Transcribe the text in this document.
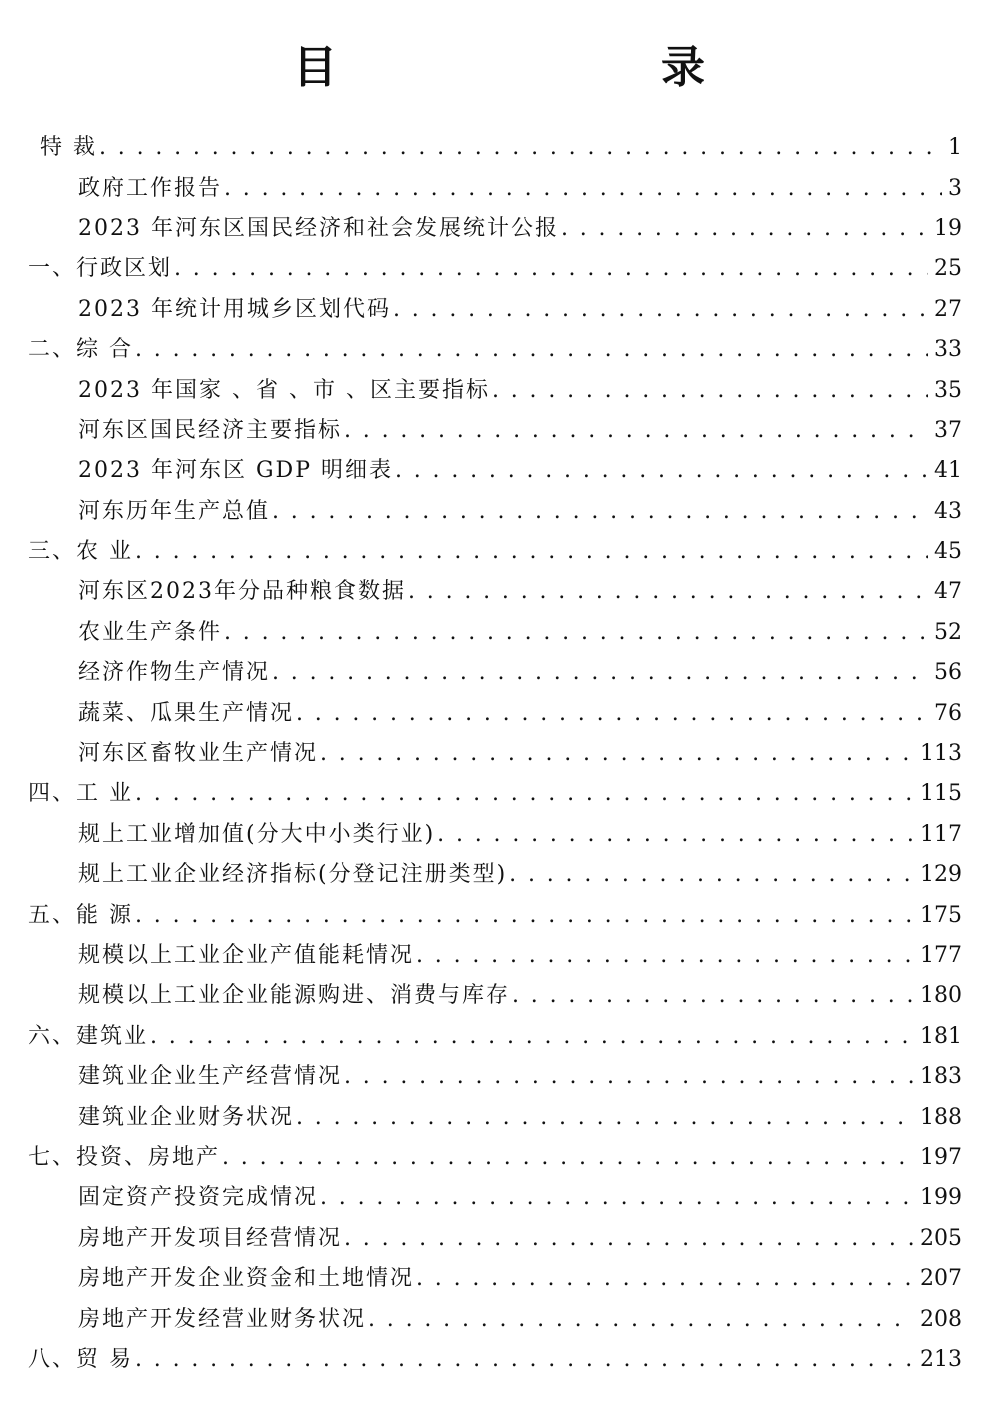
目　录
特 裁 . . .	1
政府工作报告 . . .	3
2023 年河东区国民经济和社会发展统计公报 . . .	19
一、行政区划 . . .	25
2023 年统计用城乡区划代码 . . .	27
二、综 合 . . .	33
2023 年国家 、省 、市 、区主要指标 . . .	35
河东区国民经济主要指标 . . .	37
2023 年河东区 GDP 明细表 . . .	41
河东历年生产总值 . . .	43
三、农 业 . . .	45
河东区2023年分品种粮食数据 . . .	47
农业生产条件 . . .	52
经济作物生产情况 . . .	56
蔬菜、瓜果生产情况 . . .	76
河东区畜牧业生产情况 . . .	113
四、工 业 . . .	115
规上工业增加值(分大中小类行业) . . .	117
规上工业企业经济指标(分登记注册类型) . . .	129
五、能 源 . . .	175
规模以上工业企业产值能耗情况 . . .	177
规模以上工业企业能源购进、消费与库存 . . .	180
六、建筑业 . . .	181
建筑业企业生产经营情况 . . .	183
建筑业企业财务状况 . . .	188
七、投资、房地产 . . .	197
固定资产投资完成情况 . . .	199
房地产开发项目经营情况 . . .	205
房地产开发企业资金和土地情况 . . .	207
房地产开发经营业财务状况 . . .	208
八、贸 易 . . .	213
